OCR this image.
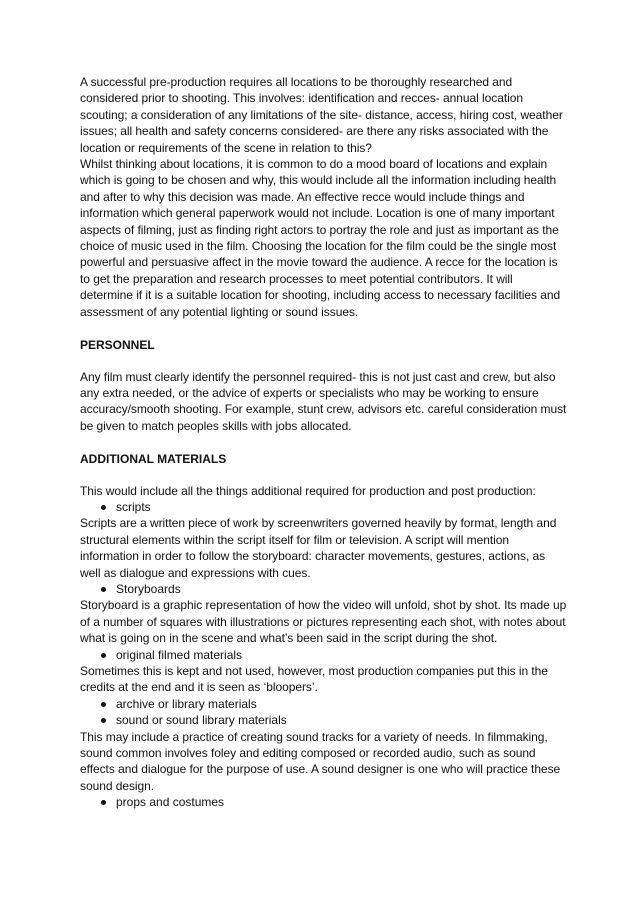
A successful pre-production requires all locations to be thoroughly researched and considered prior to shooting. This involves: identification and recces- annual location scouting; a consideration of any limitations of the site- distance, access, hiring cost, weather issues; all health and safety concerns considered- are there any risks associated with the location or requirements of the scene in relation to this?

Whilst thinking about locations, it is common to do a mood board of locations and explain which is going to be chosen and why, this would include all the information including health and after to why this decision was made. An effective recce would include things and information which general paperwork would not include. Location is one of many important aspects of filming, just as finding right actors to portray the role and just as important as the choice of music used in the film. Choosing the location for the film could be the single most powerful and persuasive affect in the movie toward the audience. A recce for the location is to get the preparation and research processes to meet potential contributors. It will determine if it is a suitable location for shooting, including access to necessary facilities and assessment of any potential lighting or sound issues.

PERSONNEL

Any film must clearly identify the personnel required- this is not just cast and crew, but also any extra needed, or the advice of experts or specialists who may be working to ensure accuracy/smooth shooting. For example, stunt crew, advisors etc. careful consideration must be given to match peoples skills with jobs allocated.

ADDITIONAL MATERIALS

This would include all the things additional required for production and post production:

scripts

Scripts are a written piece of work by screenwriters governed heavily by format, length and structural elements within the script itself for film or television. A script will mention information in order to follow the storyboard: character movements, gestures, actions, as well as dialogue and expressions with cues.

Storyboards

Storyboard is a graphic representation of how the video will unfold, shot by shot. Its made up of a number of squares with illustrations or pictures representing each shot, with notes about what is going on in the scene and what’s been said in the script during the shot.

original filmed materials

Sometimes this is kept and not used, however, most production companies put this in the credits at the end and it is seen as ‘bloopers’.

archive or library materials

sound or sound library materials

This may include a practice of creating sound tracks for a variety of needs. In filmmaking, sound common involves foley and editing composed or recorded audio, such as sound effects and dialogue for the purpose of use. A sound designer is one who will practice these sound design.

props and costumes
